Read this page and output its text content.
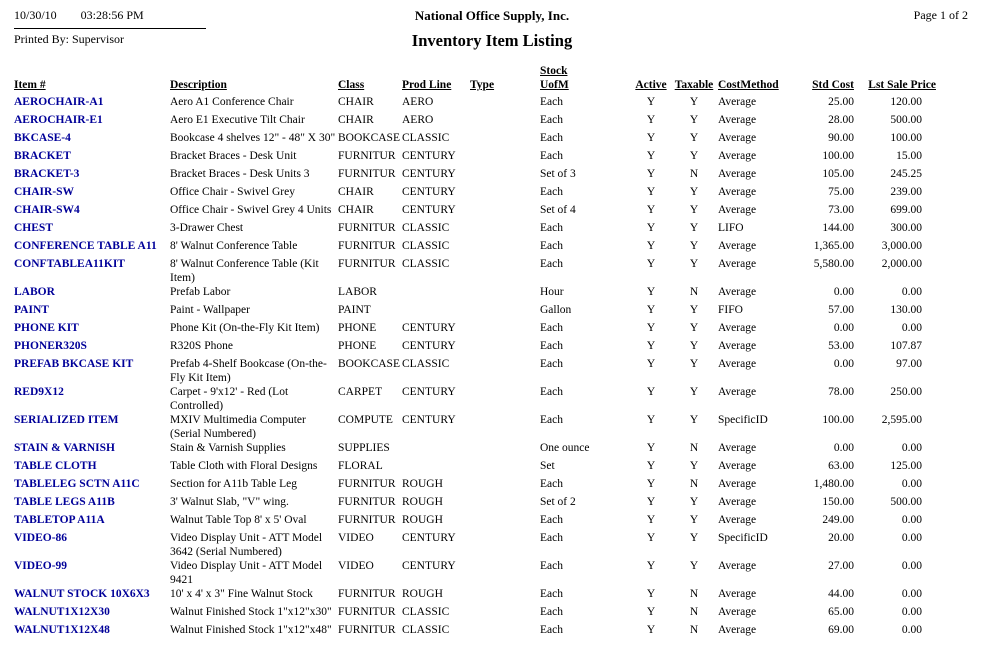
10/30/10 03:28:56 PM
Printed By: Supervisor
National Office Supply, Inc.
Inventory Item Listing
Page 1 of 2
Item #	Description	Class	Prod Line	Type	Stock
UofM	Active	Taxable	CostMethod	Std Cost	Lst Sale Price
AEROCHAIR-A1	Aero A1 Conference Chair	CHAIR	AERO		Each	Y	Y	Average	25.00	120.00
AEROCHAIR-E1	Aero E1 Executive Tilt Chair	CHAIR	AERO		Each	Y	Y	Average	28.00	500.00
BKCASE-4	Bookcase 4 shelves 12" - 48" X 30"	BOOKCASE	CLASSIC		Each	Y	Y	Average	90.00	100.00
BRACKET	Bracket Braces - Desk Unit	FURNITUR	CENTURY		Each	Y	Y	Average	100.00	15.00
BRACKET-3	Bracket Braces - Desk Units 3	FURNITUR	CENTURY		Set of 3	Y	N	Average	105.00	245.25
CHAIR-SW	Office Chair - Swivel Grey	CHAIR	CENTURY		Each	Y	Y	Average	75.00	239.00
CHAIR-SW4	Office Chair - Swivel Grey 4 Units	CHAIR	CENTURY		Set of 4	Y	Y	Average	73.00	699.00
CHEST	3-Drawer Chest	FURNITUR	CLASSIC		Each	Y	Y	LIFO	144.00	300.00
CONFERENCE TABLE A11	8' Walnut Conference Table	FURNITUR	CLASSIC		Each	Y	Y	Average	1,365.00	3,000.00
CONFTABLEA11KIT	8' Walnut Conference Table (Kit Item)	FURNITUR	CLASSIC		Each	Y	Y	Average	5,580.00	2,000.00
LABOR	Prefab Labor	LABOR			Hour	Y	N	Average	0.00	0.00
PAINT	Paint - Wallpaper	PAINT			Gallon	Y	Y	FIFO	57.00	130.00
PHONE KIT	Phone Kit (On-the-Fly Kit Item)	PHONE	CENTURY		Each	Y	Y	Average	0.00	0.00
PHONER320S	R320S Phone	PHONE	CENTURY		Each	Y	Y	Average	53.00	107.87
PREFAB BKCASE KIT	Prefab 4-Shelf Bookcase (On-the-Fly Kit Item)	BOOKCASE	CLASSIC		Each	Y	Y	Average	0.00	97.00
RED9X12	Carpet - 9'x12' - Red (Lot Controlled)	CARPET	CENTURY		Each	Y	Y	Average	78.00	250.00
SERIALIZED ITEM	MXIV Multimedia Computer (Serial Numbered)	COMPUTE	CENTURY		Each	Y	Y	SpecificID	100.00	2,595.00
STAIN & VARNISH	Stain & Varnish Supplies	SUPPLIES			One ounce	Y	N	Average	0.00	0.00
TABLE CLOTH	Table Cloth with Floral Designs	FLORAL			Set	Y	Y	Average	63.00	125.00
TABLELEG SCTN A11C	Section for A11b Table Leg	FURNITUR	ROUGH		Each	Y	N	Average	1,480.00	0.00
TABLE LEGS A11B	3' Walnut Slab, "V" wing.	FURNITUR	ROUGH		Set of 2	Y	Y	Average	150.00	500.00
TABLETOP A11A	Walnut Table Top 8' x 5' Oval	FURNITUR	ROUGH		Each	Y	Y	Average	249.00	0.00
VIDEO-86	Video Display Unit - ATT Model 3642 (Serial Numbered)	VIDEO	CENTURY		Each	Y	Y	SpecificID	20.00	0.00
VIDEO-99	Video Display Unit - ATT Model 9421	VIDEO	CENTURY		Each	Y	Y	Average	27.00	0.00
WALNUT STOCK 10X6X3	10' x 4' x 3" Fine Walnut Stock	FURNITUR	ROUGH		Each	Y	N	Average	44.00	0.00
WALNUT1X12X30	Walnut Finished Stock 1"x12"x30"	FURNITUR	CLASSIC		Each	Y	N	Average	65.00	0.00
WALNUT1X12X48	Walnut Finished Stock 1"x12"x48"	FURNITUR	CLASSIC		Each	Y	N	Average	69.00	0.00
